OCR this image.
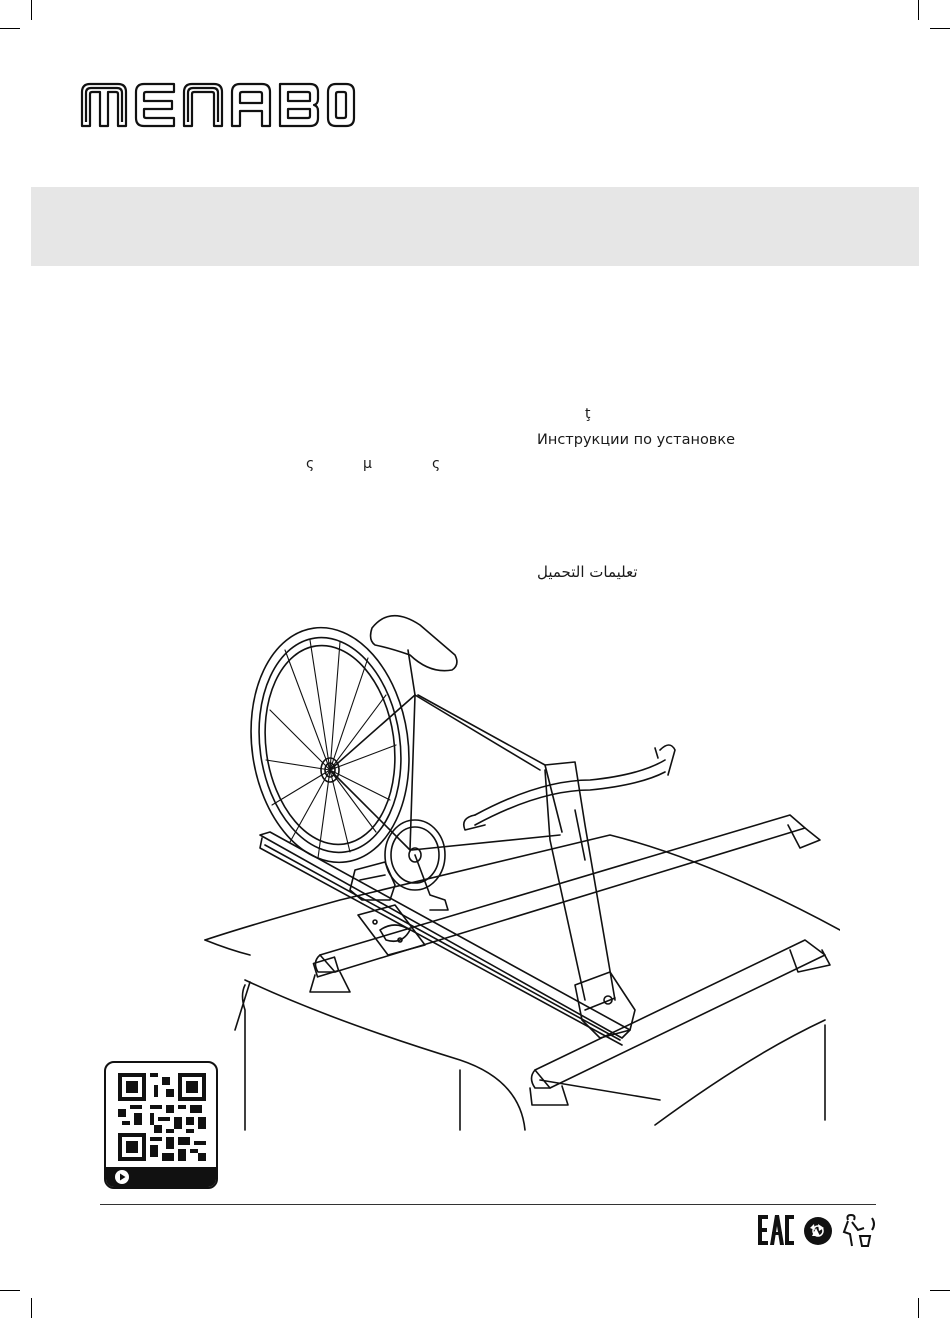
ţ
Инструкции по установке
ς	μ	ς
تعليمات التحميل
